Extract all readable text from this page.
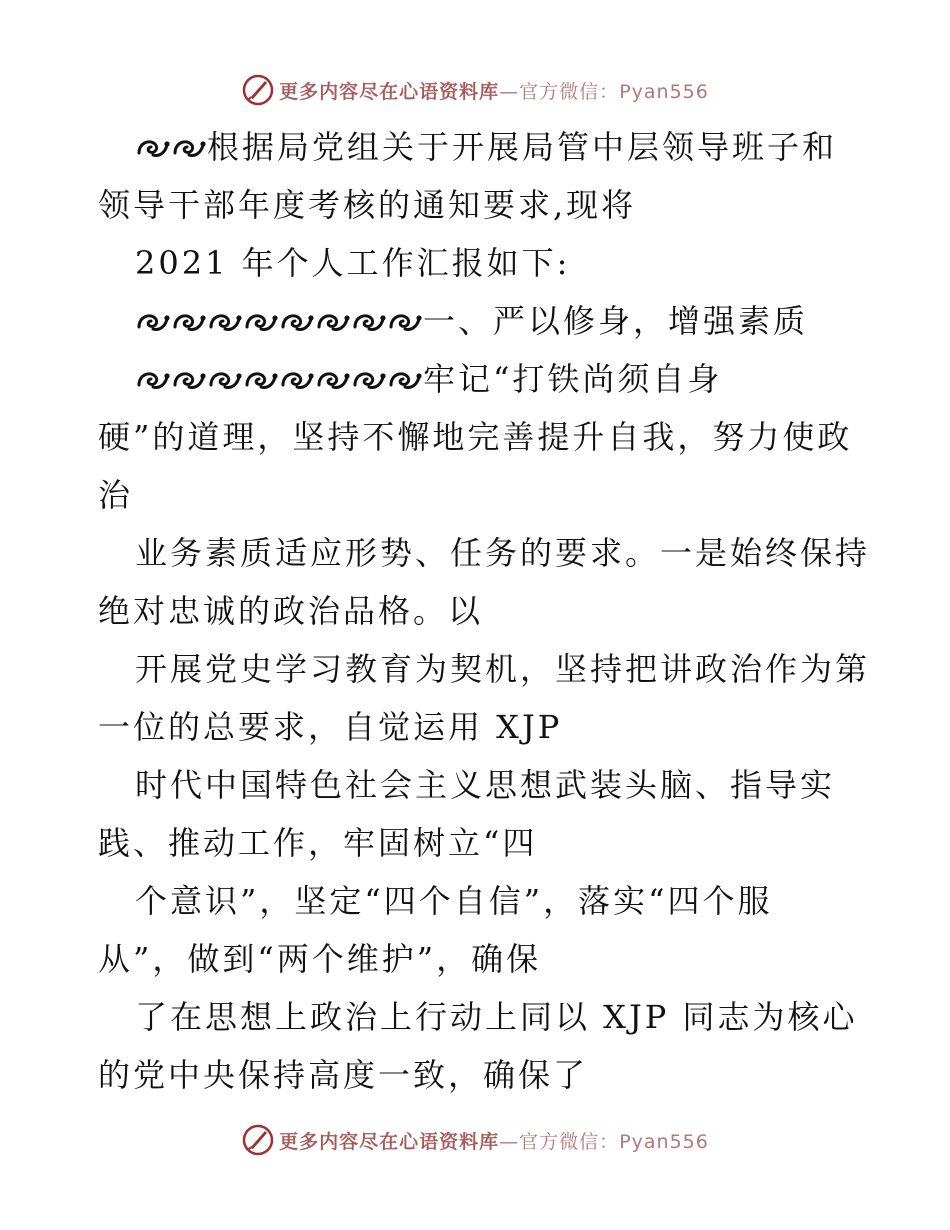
更多内容尽在心语资料库—官方微信：Pyan556
根据局党组关于开展局管中层领导班子和
领导干部年度考核的通知要求,现将
2021 年个人工作汇报如下:
一、严以修身，增强素质
牢记“打铁尚须自身
硬”的道理，坚持不懈地完善提升自我，努力使政
治
业务素质适应形势、任务的要求。一是始终保持
绝对忠诚的政治品格。以
开展党史学习教育为契机，坚持把讲政治作为第
一位的总要求，自觉运用 XJP
时代中国特色社会主义思想武装头脑、指导实
践、推动工作，牢固树立“四
个意识”，坚定“四个自信”，落实“四个服
从”，做到“两个维护”，确保
了在思想上政治上行动上同以 XJP 同志为核心
的党中央保持高度一致，确保了
更多内容尽在心语资料库—官方微信：Pyan556
